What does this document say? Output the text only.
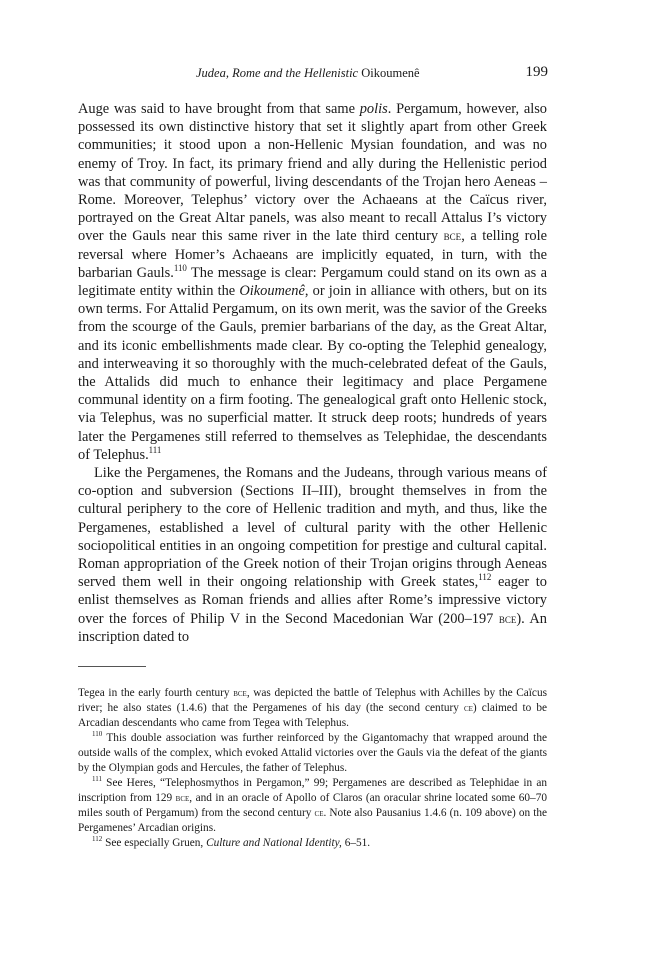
Judea, Rome and the Hellenistic Oikoumenê	199

Auge was said to have brought from that same polis. Pergamum, however, also possessed its own distinctive history that set it slightly apart from other Greek communities; it stood upon a non-Hellenic Mysian foundation, and was no enemy of Troy. In fact, its primary friend and ally during the Hellenistic period was that community of powerful, living descendants of the Trojan hero Aeneas – Rome. Moreover, Telephus’ victory over the Achaeans at the Caïcus river, portrayed on the Great Altar panels, was also meant to recall Attalus I’s victory over the Gauls near this same river in the late third century bce, a telling role reversal where Homer’s Achaeans are implicitly equated, in turn, with the barbarian Gauls.$^{110}$ The message is clear: Pergamum could stand on its own as a legitimate entity within the Oikoumenê, or join in alliance with others, but on its own terms. For Attalid Pergamum, on its own merit, was the savior of the Greeks from the scourge of the Gauls, premier barbarians of the day, as the Great Altar, and its iconic embellishments made clear. By co-opting the Telephid genealogy, and interweaving it so thoroughly with the much-celebrated defeat of the Gauls, the Attalids did much to enhance their legitimacy and place Pergamene communal identity on a firm footing. The genealogical graft onto Hellenic stock, via Telephus, was no superficial matter. It struck deep roots; hundreds of years later the Pergamenes still referred to themselves as Telephidae, the descendants of Telephus.$^{111}$

Like the Pergamenes, the Romans and the Judeans, through various means of co-option and subversion (Sections II–III), brought themselves in from the cultural periphery to the core of Hellenic tradition and myth, and thus, like the Pergamenes, established a level of cultural parity with the other Hellenic sociopolitical entities in an ongoing competition for prestige and cultural capital. Roman appropriation of the Greek notion of their Trojan origins through Aeneas served them well in their ongoing relationship with Greek states,$^{112}$ eager to enlist themselves as Roman friends and allies after Rome’s impressive victory over the forces of Philip V in the Second Macedonian War (200–197 bce). An inscription dated to

Tegea in the early fourth century bce, was depicted the battle of Telephus with Achilles by the Caïcus river; he also states (1.4.6) that the Pergamenes of his day (the second century ce) claimed to be Arcadian descendants who came from Tegea with Telephus.

$^{110}$ This double association was further reinforced by the Gigantomachy that wrapped around the outside walls of the complex, which evoked Attalid victories over the Gauls via the defeat of the giants by the Olympian gods and Hercules, the father of Telephus.

$^{111}$ See Heres, “Telephosmythos in Pergamon,” 99; Pergamenes are described as Telephidae in an inscription from 129 bce, and in an oracle of Apollo of Claros (an oracular shrine located some 60–70 miles south of Pergamum) from the second century ce. Note also Pausanius 1.4.6 (n. 109 above) on the Pergamenes’ Arcadian origins.

$^{112}$ See especially Gruen, Culture and National Identity, 6–51.
